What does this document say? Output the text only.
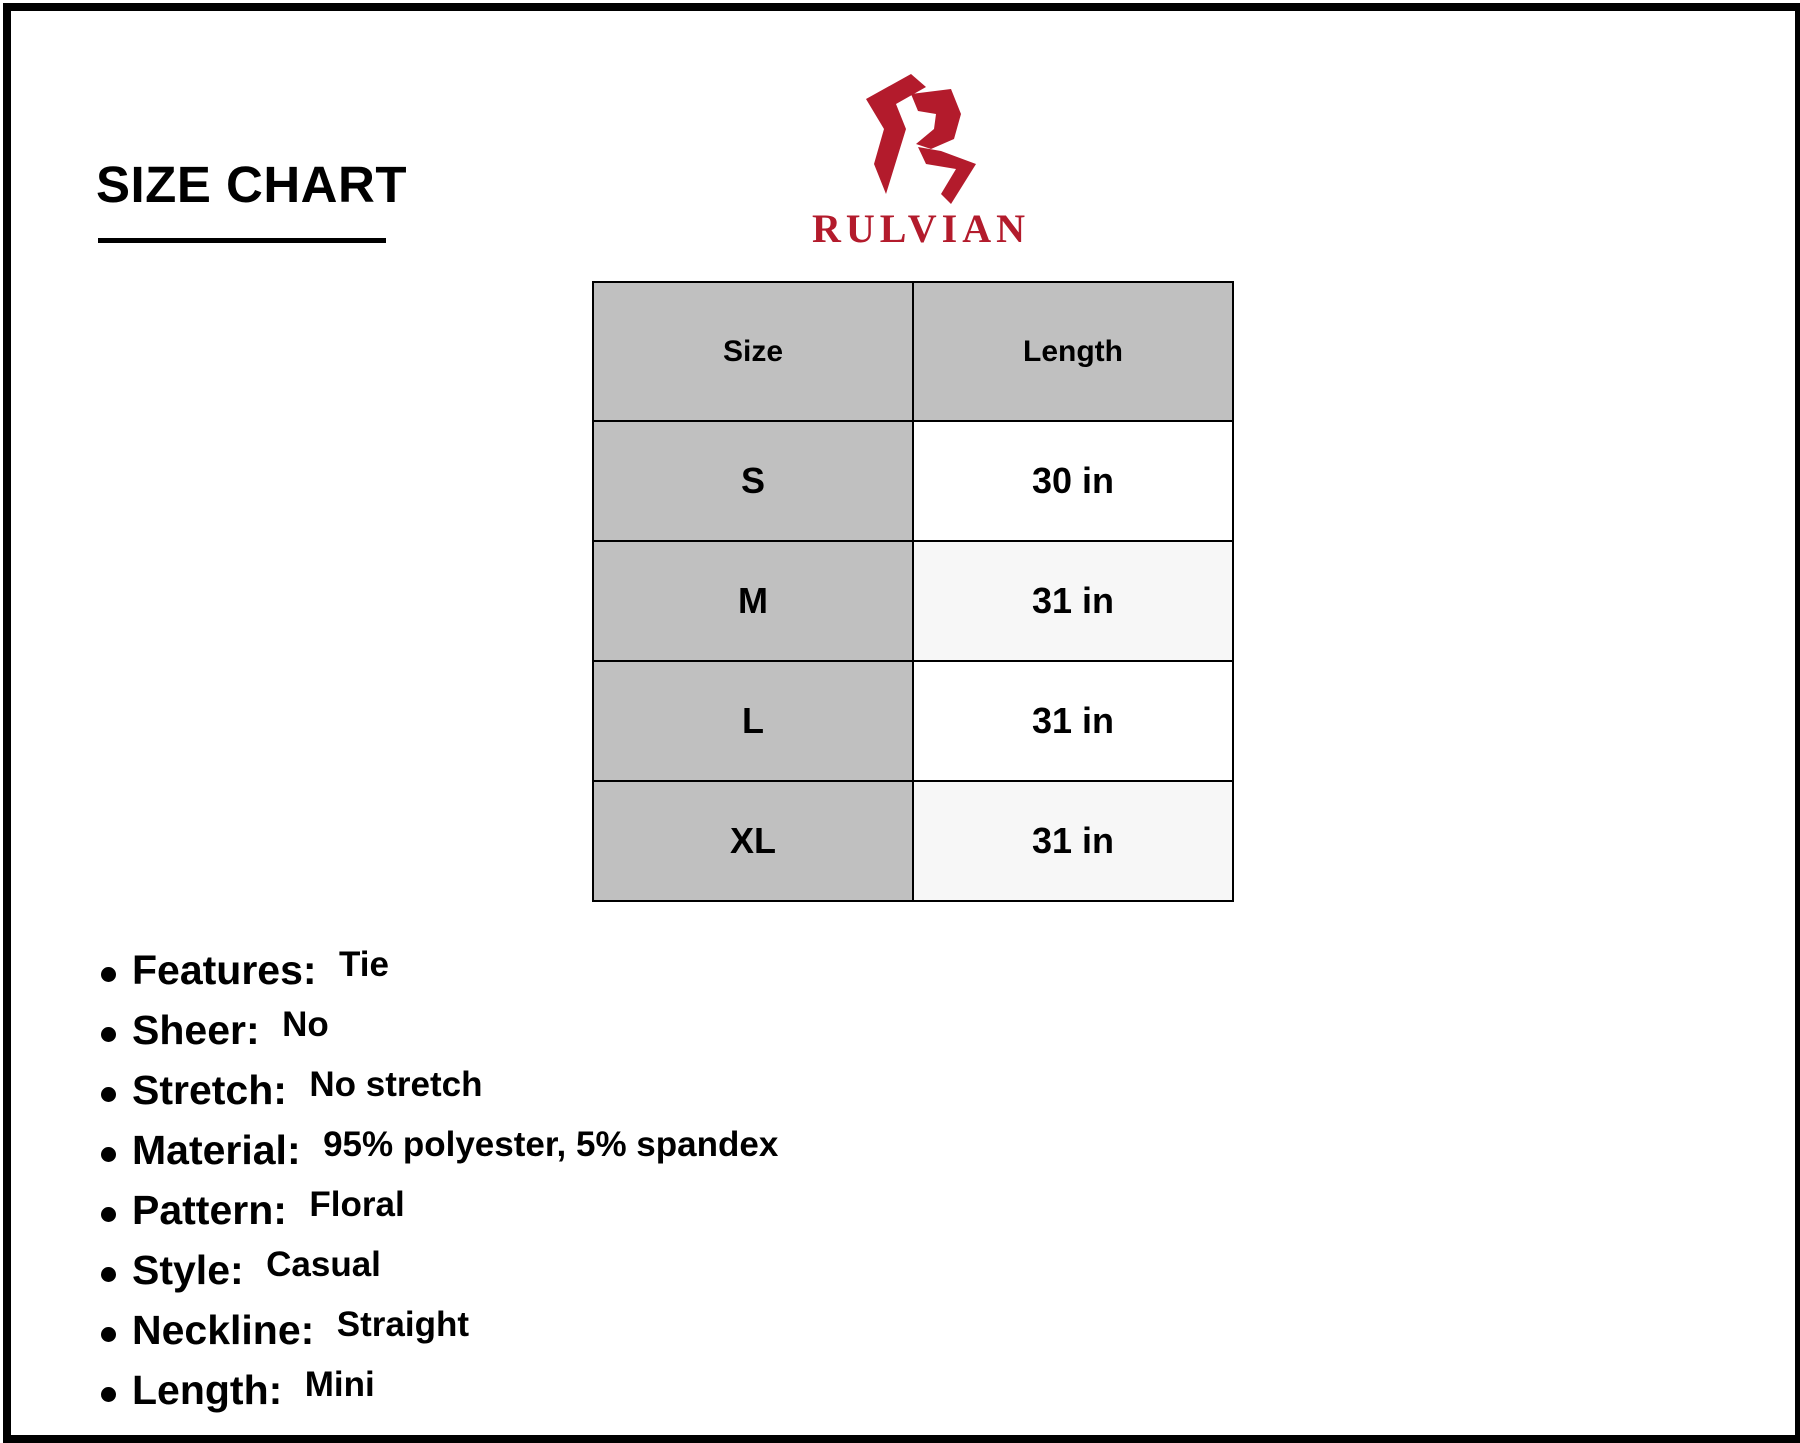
SIZE CHART
RULVIAN
Size	Length
S	30 in
M	31 in
L	31 in
XL	31 in
Features: Tie
Sheer: No
Stretch: No stretch
Material: 95% polyester, 5% spandex
Pattern: Floral
Style: Casual
Neckline: Straight
Length: Mini
